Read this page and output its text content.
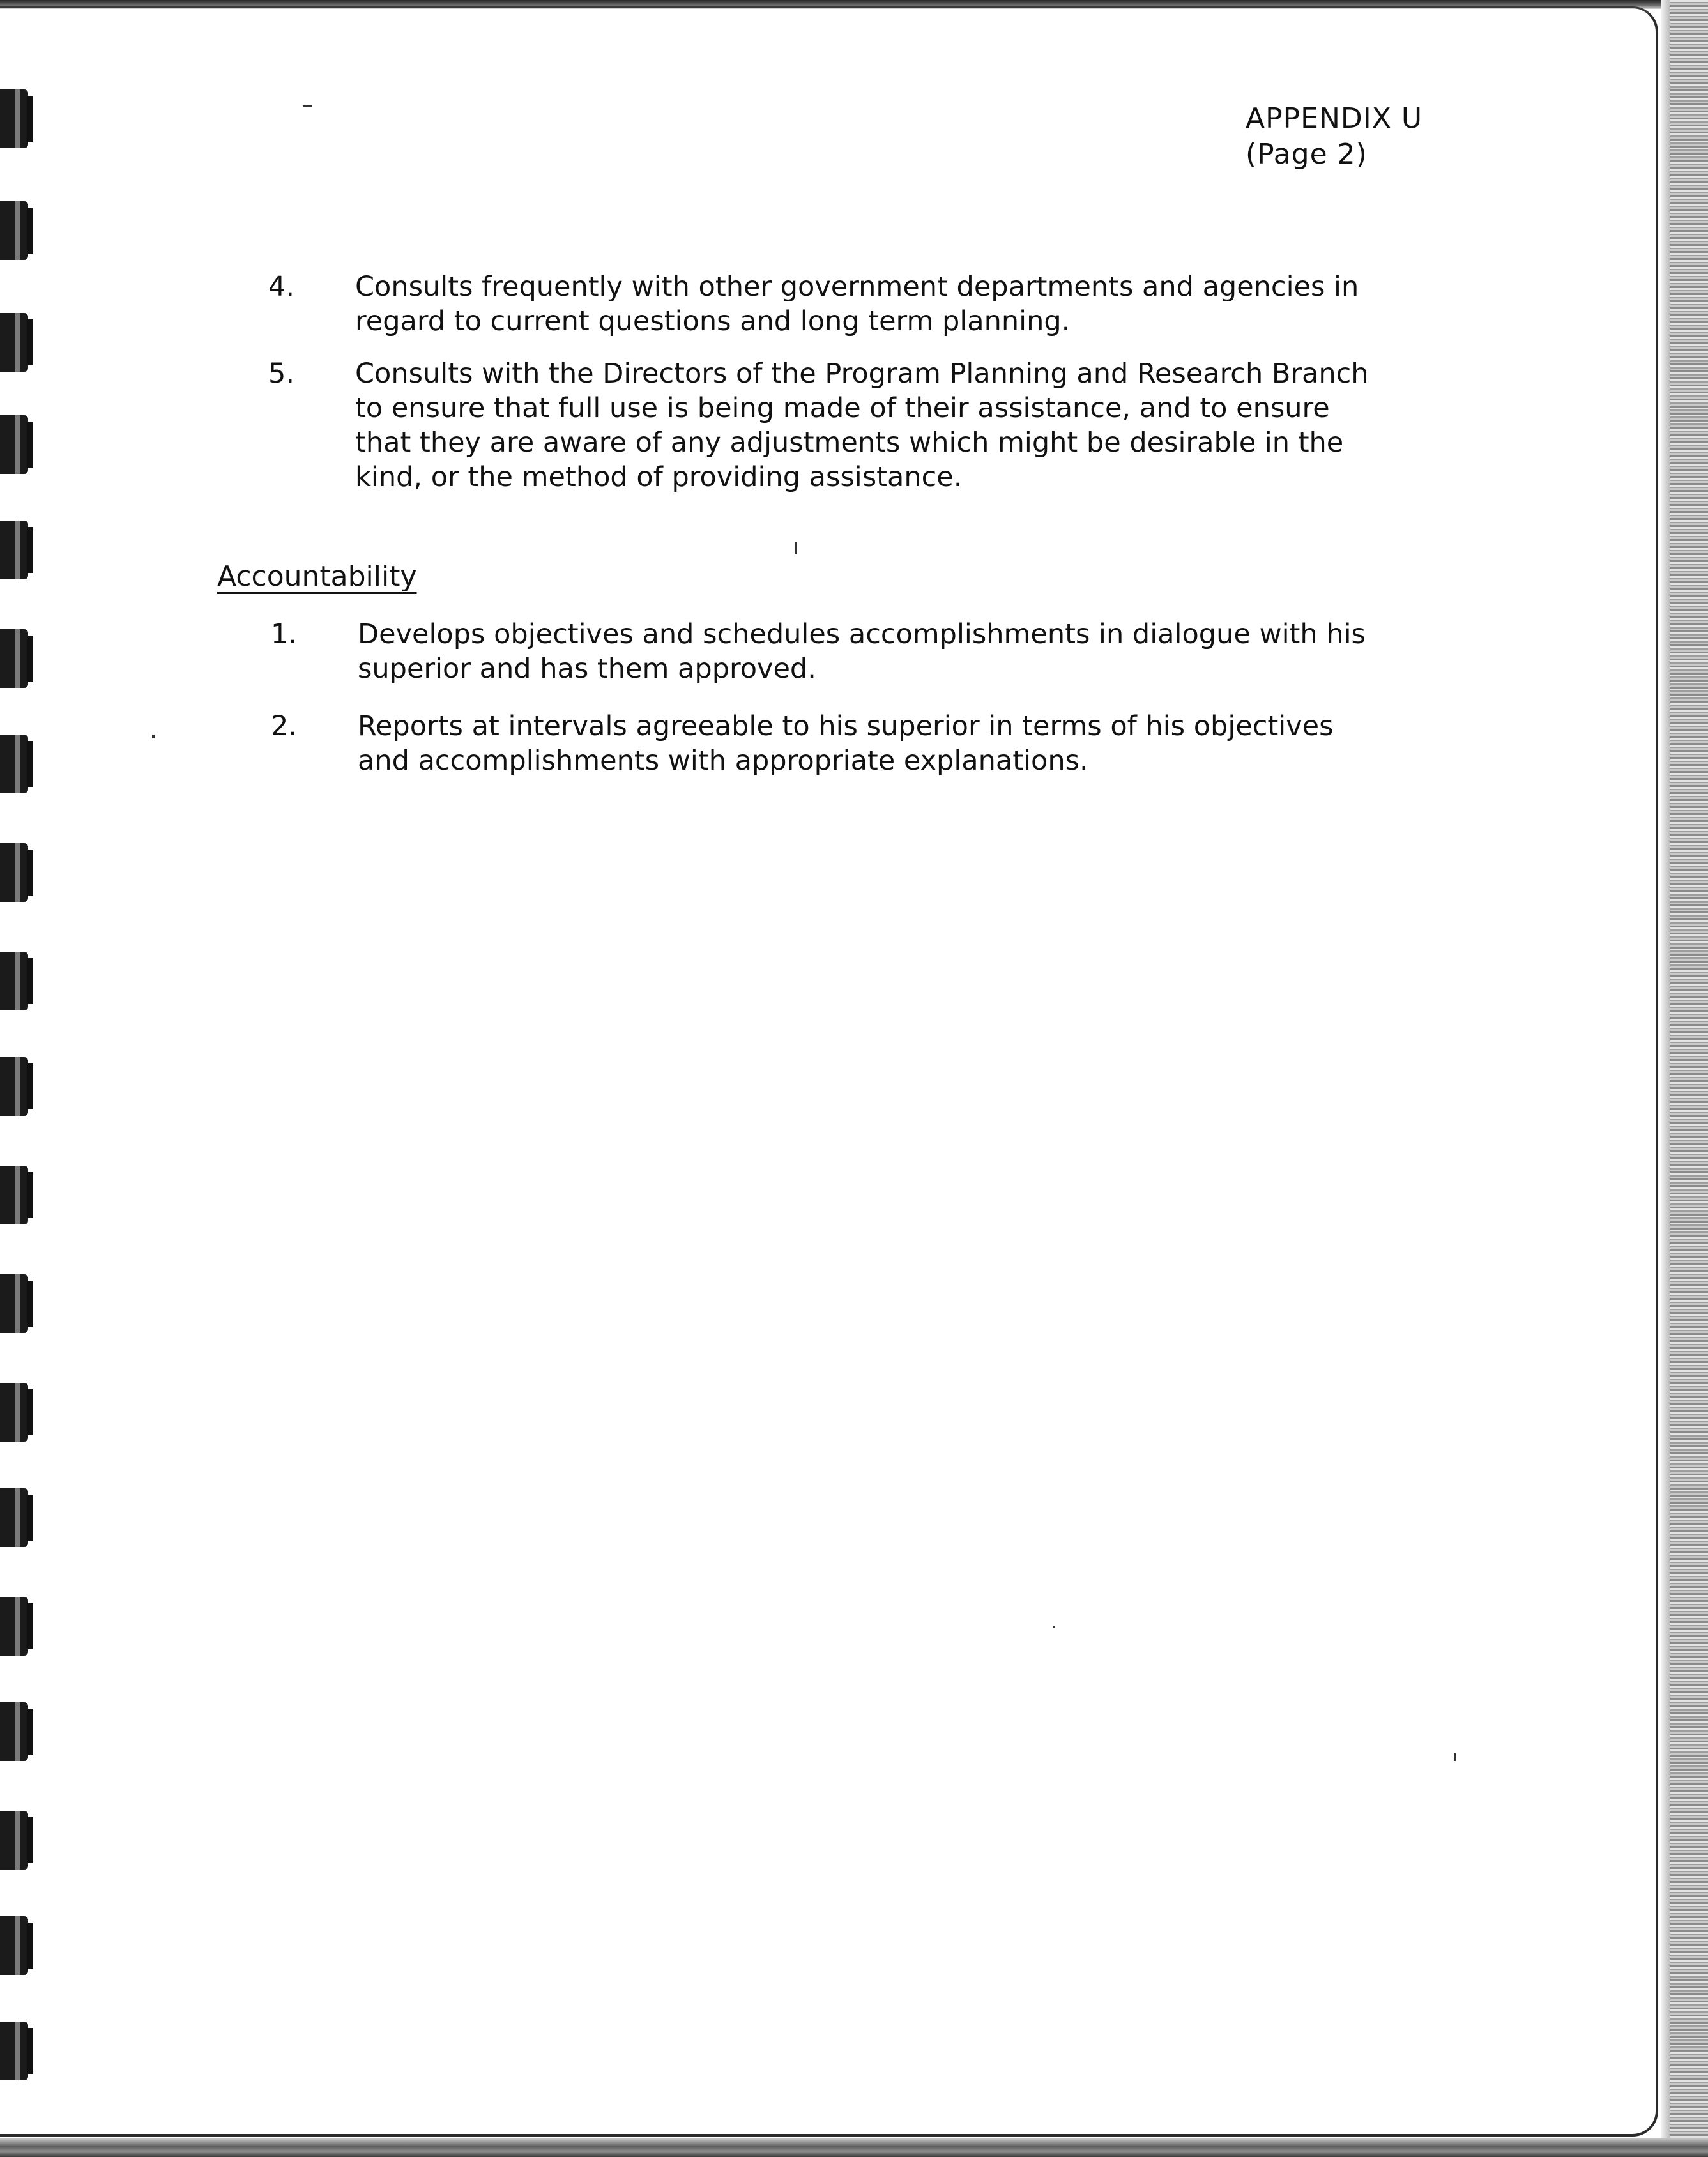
APPENDIX U
(Page 2)
4. Consults frequently with other government departments and agencies in regard to current questions and long term planning.
5. Consults with the Directors of the Program Planning and Research Branch to ensure that full use is being made of their assistance, and to ensure that they are aware of any adjustments which might be desirable in the kind, or the method of providing assistance.
Accountability
1. Develops objectives and schedules accomplishments in dialogue with his superior and has them approved.
2. Reports at intervals agreeable to his superior in terms of his objectives and accomplishments with appropriate explanations.
